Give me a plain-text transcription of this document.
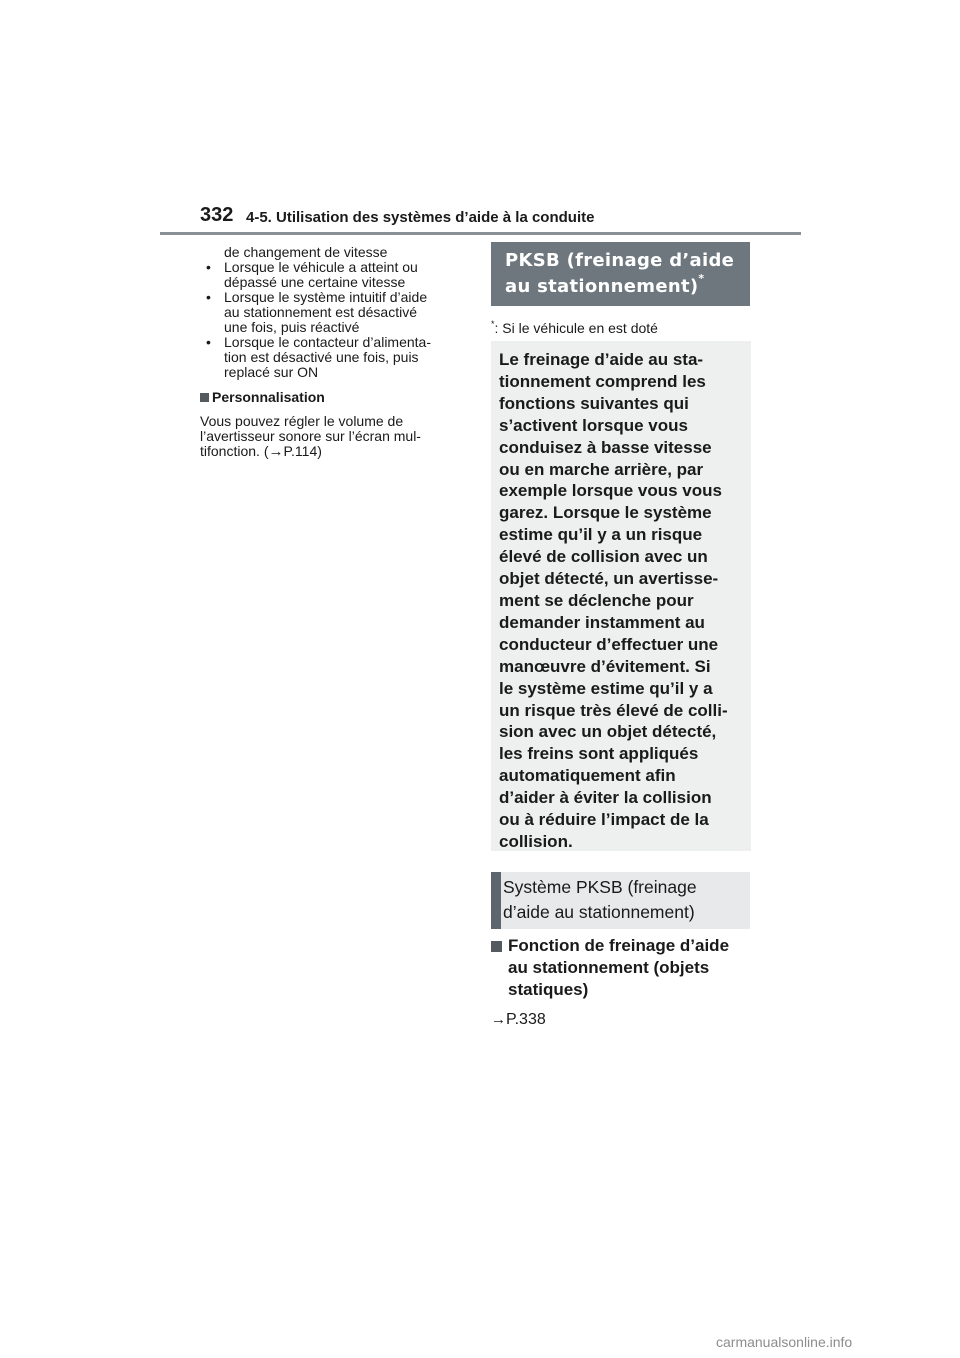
332 4-5. Utilisation des systèmes d’aide à la conduite
de changement de vitesse
• Lorsque le véhicule a atteint ou
dépassé une certaine vitesse
• Lorsque le système intuitif d’aide
au stationnement est désactivé
une fois, puis réactivé
• Lorsque le contacteur d’alimenta-
tion est désactivé une fois, puis
replacé sur ON
Personnalisation
Vous pouvez régler le volume de
l’avertisseur sonore sur l’écran mul-
tifonction. (→P.114)
PKSB (freinage d’aide
au stationnement)*
*: Si le véhicule en est doté
Le freinage d’aide au sta-
tionnement comprend les
fonctions suivantes qui
s’activent lorsque vous
conduisez à basse vitesse
ou en marche arrière, par
exemple lorsque vous vous
garez. Lorsque le système
estime qu’il y a un risque
élevé de collision avec un
objet détecté, un avertisse-
ment se déclenche pour
demander instamment au
conducteur d’effectuer une
manœuvre d’évitement. Si
le système estime qu’il y a
un risque très élevé de colli-
sion avec un objet détecté,
les freins sont appliqués
automatiquement afin
d’aider à éviter la collision
ou à réduire l’impact de la
collision.
Système PKSB (freinage
d’aide au stationnement)
Fonction de freinage d’aide
au stationnement (objets
statiques)
→P.338
carmanualsonline.info
